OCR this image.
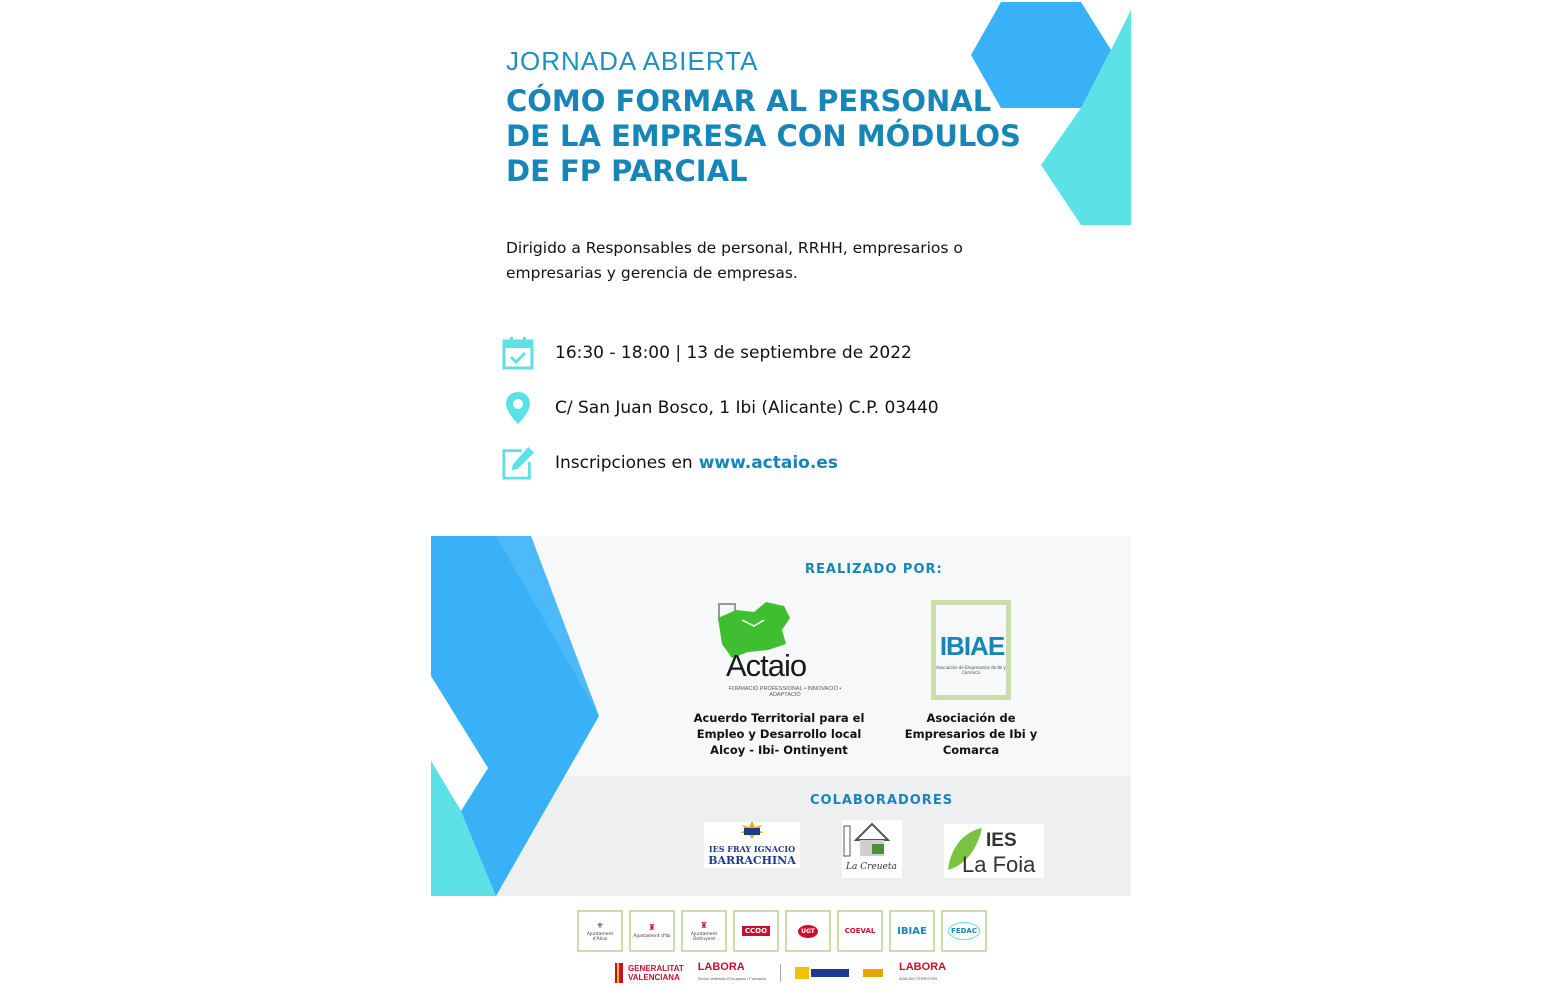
JORNADA ABIERTA
CÓMO FORMAR AL PERSONAL DE LA EMPRESA CON MÓDULOS DE FP PARCIAL
Dirigido a Responsables de personal, RRHH, empresarios o empresarias y gerencia de empresas.
16:30 - 18:00 | 13 de septiembre de 2022
C/ San Juan Bosco, 1 Ibi (Alicante) C.P. 03440
Inscripciones en www.actaio.es
REALIZADO POR:
Actaio
FORMACIÓ PROFESSIONAL • INNOVACIÓ • ADAPTACIÓ
Acuerdo Territorial para el Empleo y Desarrollo local Alcoy - Ibi- Ontinyent
IBIAE
Asociación de Empresarios de Ibi y Comarca
Asociación de Empresarios de Ibi y Comarca
COLABORADORES
IES FRAY IGNACIO
BARRACHINA	La Creueta
IES
La Foia
⚜
Ajuntament d'Alcoi
♜
Ajuntament d'Ibi
♜
Ajuntament Ontinyent
CCOO	UGT	COEVAL IBIAE	FEDAC
GENERALITAT
VALENCIANA
LABORA
Servei Valencià d'Ocupació i Formació
LABORA
AVALEM TERRITORI
